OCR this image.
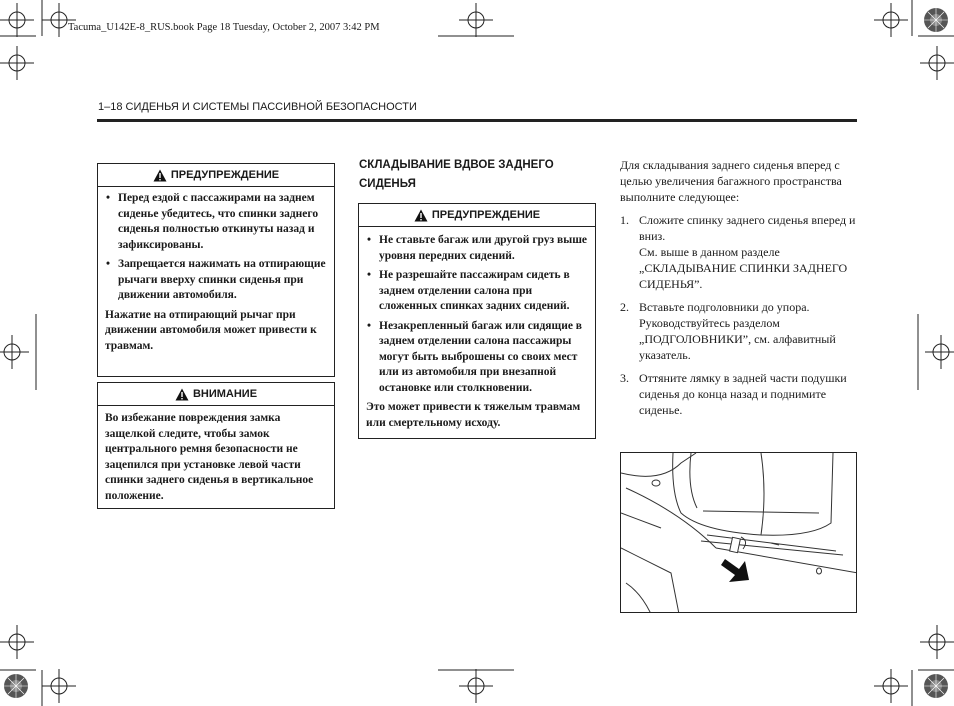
Tacuma_U142E-8_RUS.book Page 18 Tuesday, October 2, 2007 3:42 PM
1–18 СИДЕНЬЯ И СИСТЕМЫ ПАССИВНОЙ БЕЗОПАСНОСТИ
ПРЕДУПРЕЖДЕНИЕ
• Перед ездой с пассажирами на заднем сиденье убедитесь, что спинки заднего сиденья полностью откинуты назад и зафиксированы.
• Запрещается нажимать на отпирающие рычаги вверху спинки сиденья при движении автомобиля.

Нажатие на отпирающий рычаг при движении автомобиля может привести к травмам.

ВНИМАНИЕ

Во избежание повреждения замка защелкой следите, чтобы замок центрального ремня безопасности не зацепился при установке левой части спинки заднего сиденья в вертикальное положение.

СКЛАДЫВАНИЕ ВДВОЕ ЗАДНЕГО СИДЕНЬЯ
ПРЕДУПРЕЖДЕНИЕ
• Не ставьте багаж или другой груз выше уровня передних сидений.
• Не разрешайте пассажирам сидеть в заднем отделении салона при сложенных спинках задних сидений.
• Незакрепленный багаж или сидящие в заднем отделении салона пассажиры могут быть выброшены со своих мест или из автомобиля при внезапной остановке или столкновении.

Это может привести к тяжелым травмам или смертельному исходу.

Для складывания заднего сиденья вперед с целью увеличения багажного пространства выполните следующее:
1. Сложите спинку заднего сиденья вперед и вниз.
См. выше в данном разделе „СКЛАДЫВАНИЕ СПИНКИ ЗАДНЕГО СИДЕНЬЯ”.
2. Вставьте подголовники до упора. Руководствуйтесь разделом „ПОДГОЛОВНИКИ”, см. алфавитный указатель.
3. Оттяните лямку в задней части подушки сиденья до конца назад и поднимите сиденье.
